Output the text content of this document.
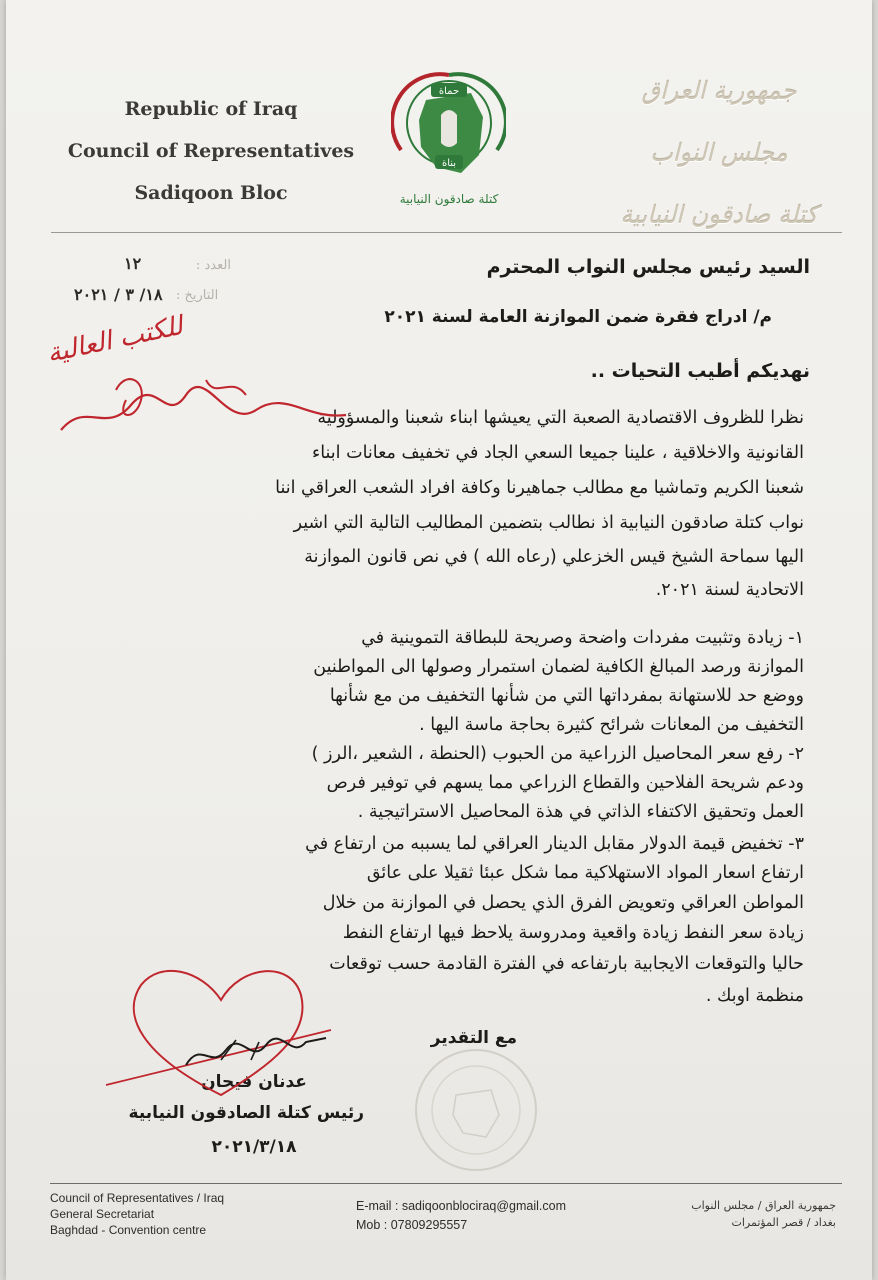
Republic of Iraq
Council of Representatives
Sadiqoon Bloc
حماة
بناة
كتلة صادقون النيابية
جمهورية العراق
مجلس النواب
كتلة صادقون النيابية
العدد :
١٢
التاريخ :
١٨/ ٣ / ٢٠٢١
السيد رئيس مجلس النواب المحترم
م/ ادراج فقرة ضمن الموازنة العامة لسنة ٢٠٢١
نهديكم أطيب التحيات ..
نظرا للظروف الاقتصادية الصعبة التي يعيشها ابناء شعبنا والمسؤولية
القانونية والاخلاقية ، علينا جميعا السعي الجاد في تخفيف معانات ابناء
شعبنا الكريم وتماشيا مع مطالب جماهيرنا وكافة افراد الشعب العراقي اننا
نواب كتلة صادقون النيابية اذ نطالب بتضمين المطاليب التالية التي اشير
اليها سماحة الشيخ قيس الخزعلي (رعاه الله ) في نص قانون الموازنة
الاتحادية لسنة ٢٠٢١.
١- زيادة وتثبيت مفردات واضحة وصريحة للبطاقة التموينية في
الموازنة ورصد المبالغ الكافية لضمان استمرار وصولها الى المواطنين
ووضع حد للاستهانة بمفرداتها التي من شأنها التخفيف من مع شأنها
التخفيف من المعانات شرائح كثيرة بحاجة ماسة اليها .
٢- رفع سعر المحاصيل الزراعية من الحبوب (الحنطة ، الشعير ،الرز )
ودعم شريحة الفلاحين والقطاع الزراعي مما يسهم في توفير فرص
العمل وتحقيق الاكتفاء الذاتي في هذة المحاصيل الاستراتيجية .
٣- تخفيض قيمة الدولار مقابل الدينار العراقي لما يسببه من ارتفاع في
ارتفاع اسعار المواد الاستهلاكية مما شكل عبئا ثقيلا على عائق
المواطن العراقي وتعويض الفرق الذي يحصل في الموازنة من خلال
زيادة سعر النفط زيادة واقعية ومدروسة يلاحظ فيها ارتفاع النفط
حاليا والتوقعات الايجابية بارتفاعه في الفترة القادمة حسب توقعات
منظمة اوبك .
مع التقدير
عدنان فيحان
رئيس كتلة الصادقون النيابية
٢٠٢١/٣/١٨
للكتب العالية
Council of Representatives / Iraq
General Secretariat
Baghdad - Convention centre
E-mail : sadiqoonblociraq@gmail.com
Mob : 07809295557
جمهورية العراق / مجلس النواب
بغداد / قصر المؤتمرات
